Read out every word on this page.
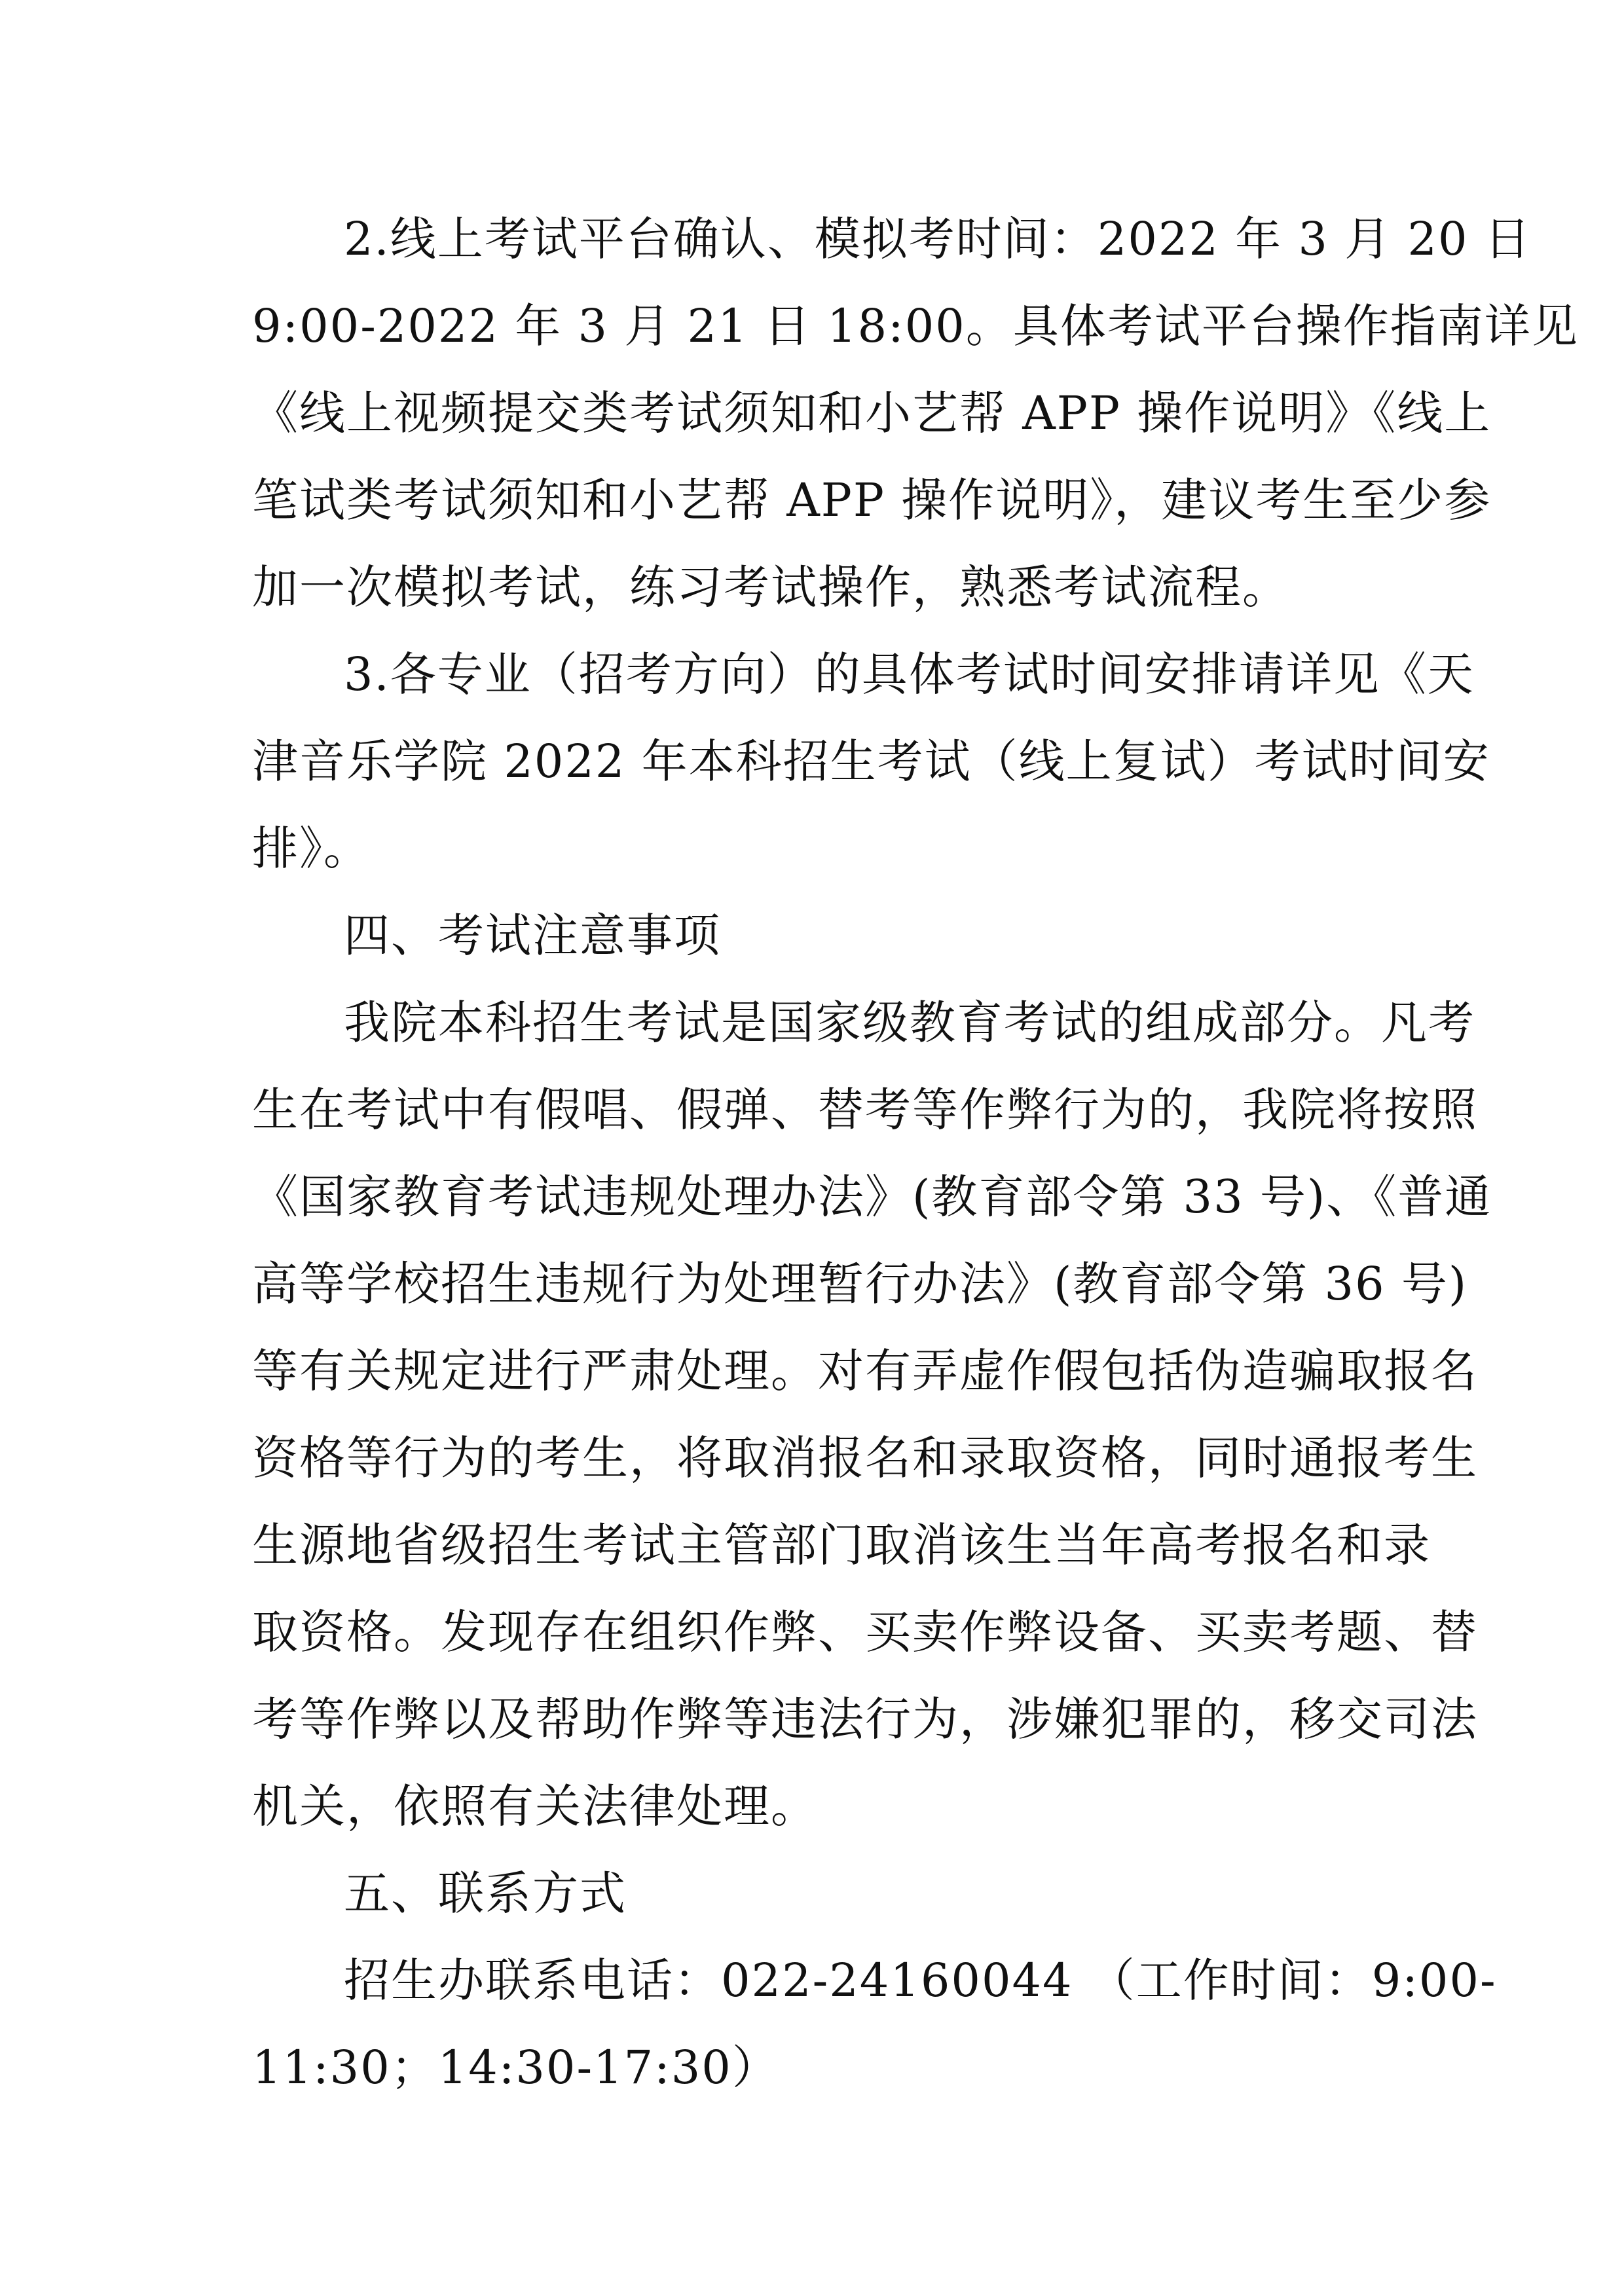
2.线上考试平台确认、模拟考时间：2022 年 3 月 20 日
9:00-2022 年 3 月 21 日 18:00。具体考试平台操作指南详见
《线上视频提交类考试须知和小艺帮 APP 操作说明》《线上
笔试类考试须知和小艺帮 APP 操作说明》，建议考生至少参
加一次模拟考试，练习考试操作，熟悉考试流程。
3.各专业（招考方向）的具体考试时间安排请详见《天
津音乐学院 2022 年本科招生考试（线上复试）考试时间安
排》。
四、考试注意事项
我院本科招生考试是国家级教育考试的组成部分。凡考
生在考试中有假唱、假弹、替考等作弊行为的，我院将按照
《国家教育考试违规处理办法》(教育部令第 33 号)、《普通
高等学校招生违规行为处理暂行办法》(教育部令第 36 号)
等有关规定进行严肃处理。对有弄虚作假包括伪造骗取报名
资格等行为的考生，将取消报名和录取资格，同时通报考生
生源地省级招生考试主管部门取消该生当年高考报名和录
取资格。发现存在组织作弊、买卖作弊设备、买卖考题、替
考等作弊以及帮助作弊等违法行为，涉嫌犯罪的，移交司法
机关，依照有关法律处理。
五、联系方式
招生办联系电话：022-24160044 （工作时间：9:00-
11:30；14:30-17:30）
